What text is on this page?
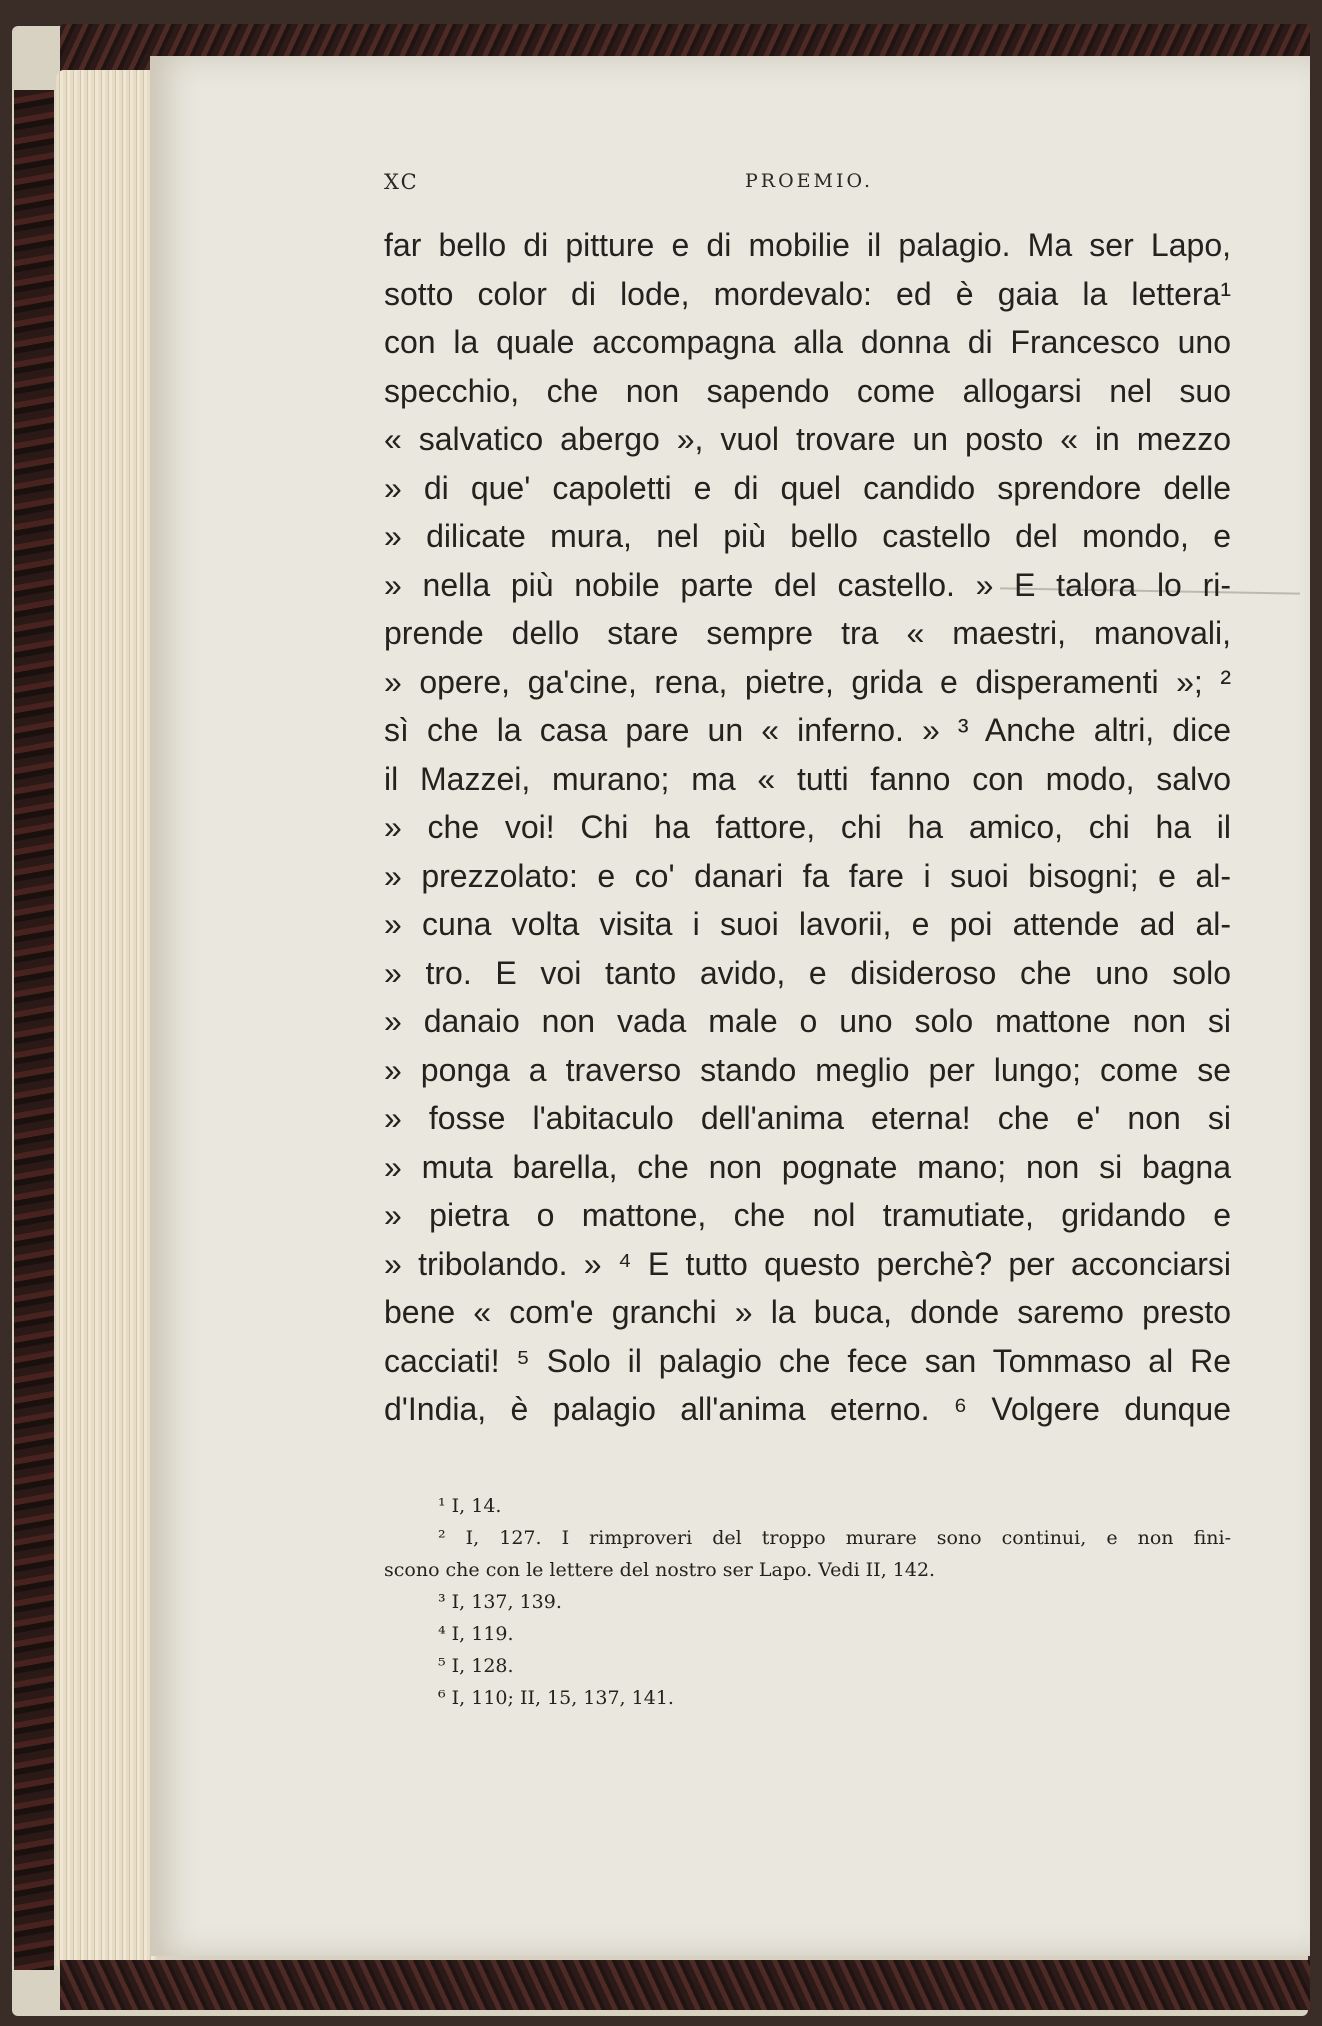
XC	PROEMIO.
far bello di pitture e di mobilie il palagio. Ma ser Lapo,
sotto color di lode, mordevalo: ed è gaia la lettera¹
con la quale accompagna alla donna di Francesco uno
specchio, che non sapendo come allogarsi nel suo
« salvatico abergo », vuol trovare un posto « in mezzo
» di que' capoletti e di quel candido sprendore delle
» dilicate mura, nel più bello castello del mondo, e
» nella più nobile parte del castello. » E talora lo ri-
prende dello stare sempre tra « maestri, manovali,
» opere, ga'cine, rena, pietre, grida e disperamenti »; ²
sì che la casa pare un « inferno. » ³ Anche altri, dice
il Mazzei, murano; ma « tutti fanno con modo, salvo
» che voi! Chi ha fattore, chi ha amico, chi ha il
» prezzolato: e co' danari fa fare i suoi bisogni; e al-
» cuna volta visita i suoi lavorii, e poi attende ad al-
» tro. E voi tanto avido, e disideroso che uno solo
» danaio non vada male o uno solo mattone non si
» ponga a traverso stando meglio per lungo; come se
» fosse l'abitaculo dell'anima eterna! che e' non si
» muta barella, che non pognate mano; non si bagna
» pietra o mattone, che nol tramutiate, gridando e
» tribolando. » ⁴ E tutto questo perchè? per acconciarsi
bene « com'e granchi » la buca, donde saremo presto
cacciati! ⁵ Solo il palagio che fece san Tommaso al Re
d'India, è palagio all'anima eterno. ⁶ Volgere dunque
¹ I, 14.
² I, 127. I rimproveri del troppo murare sono continui, e non fini-
scono che con le lettere del nostro ser Lapo. Vedi II, 142.
³ I, 137, 139.
⁴ I, 119.
⁵ I, 128.
⁶ I, 110; II, 15, 137, 141.
